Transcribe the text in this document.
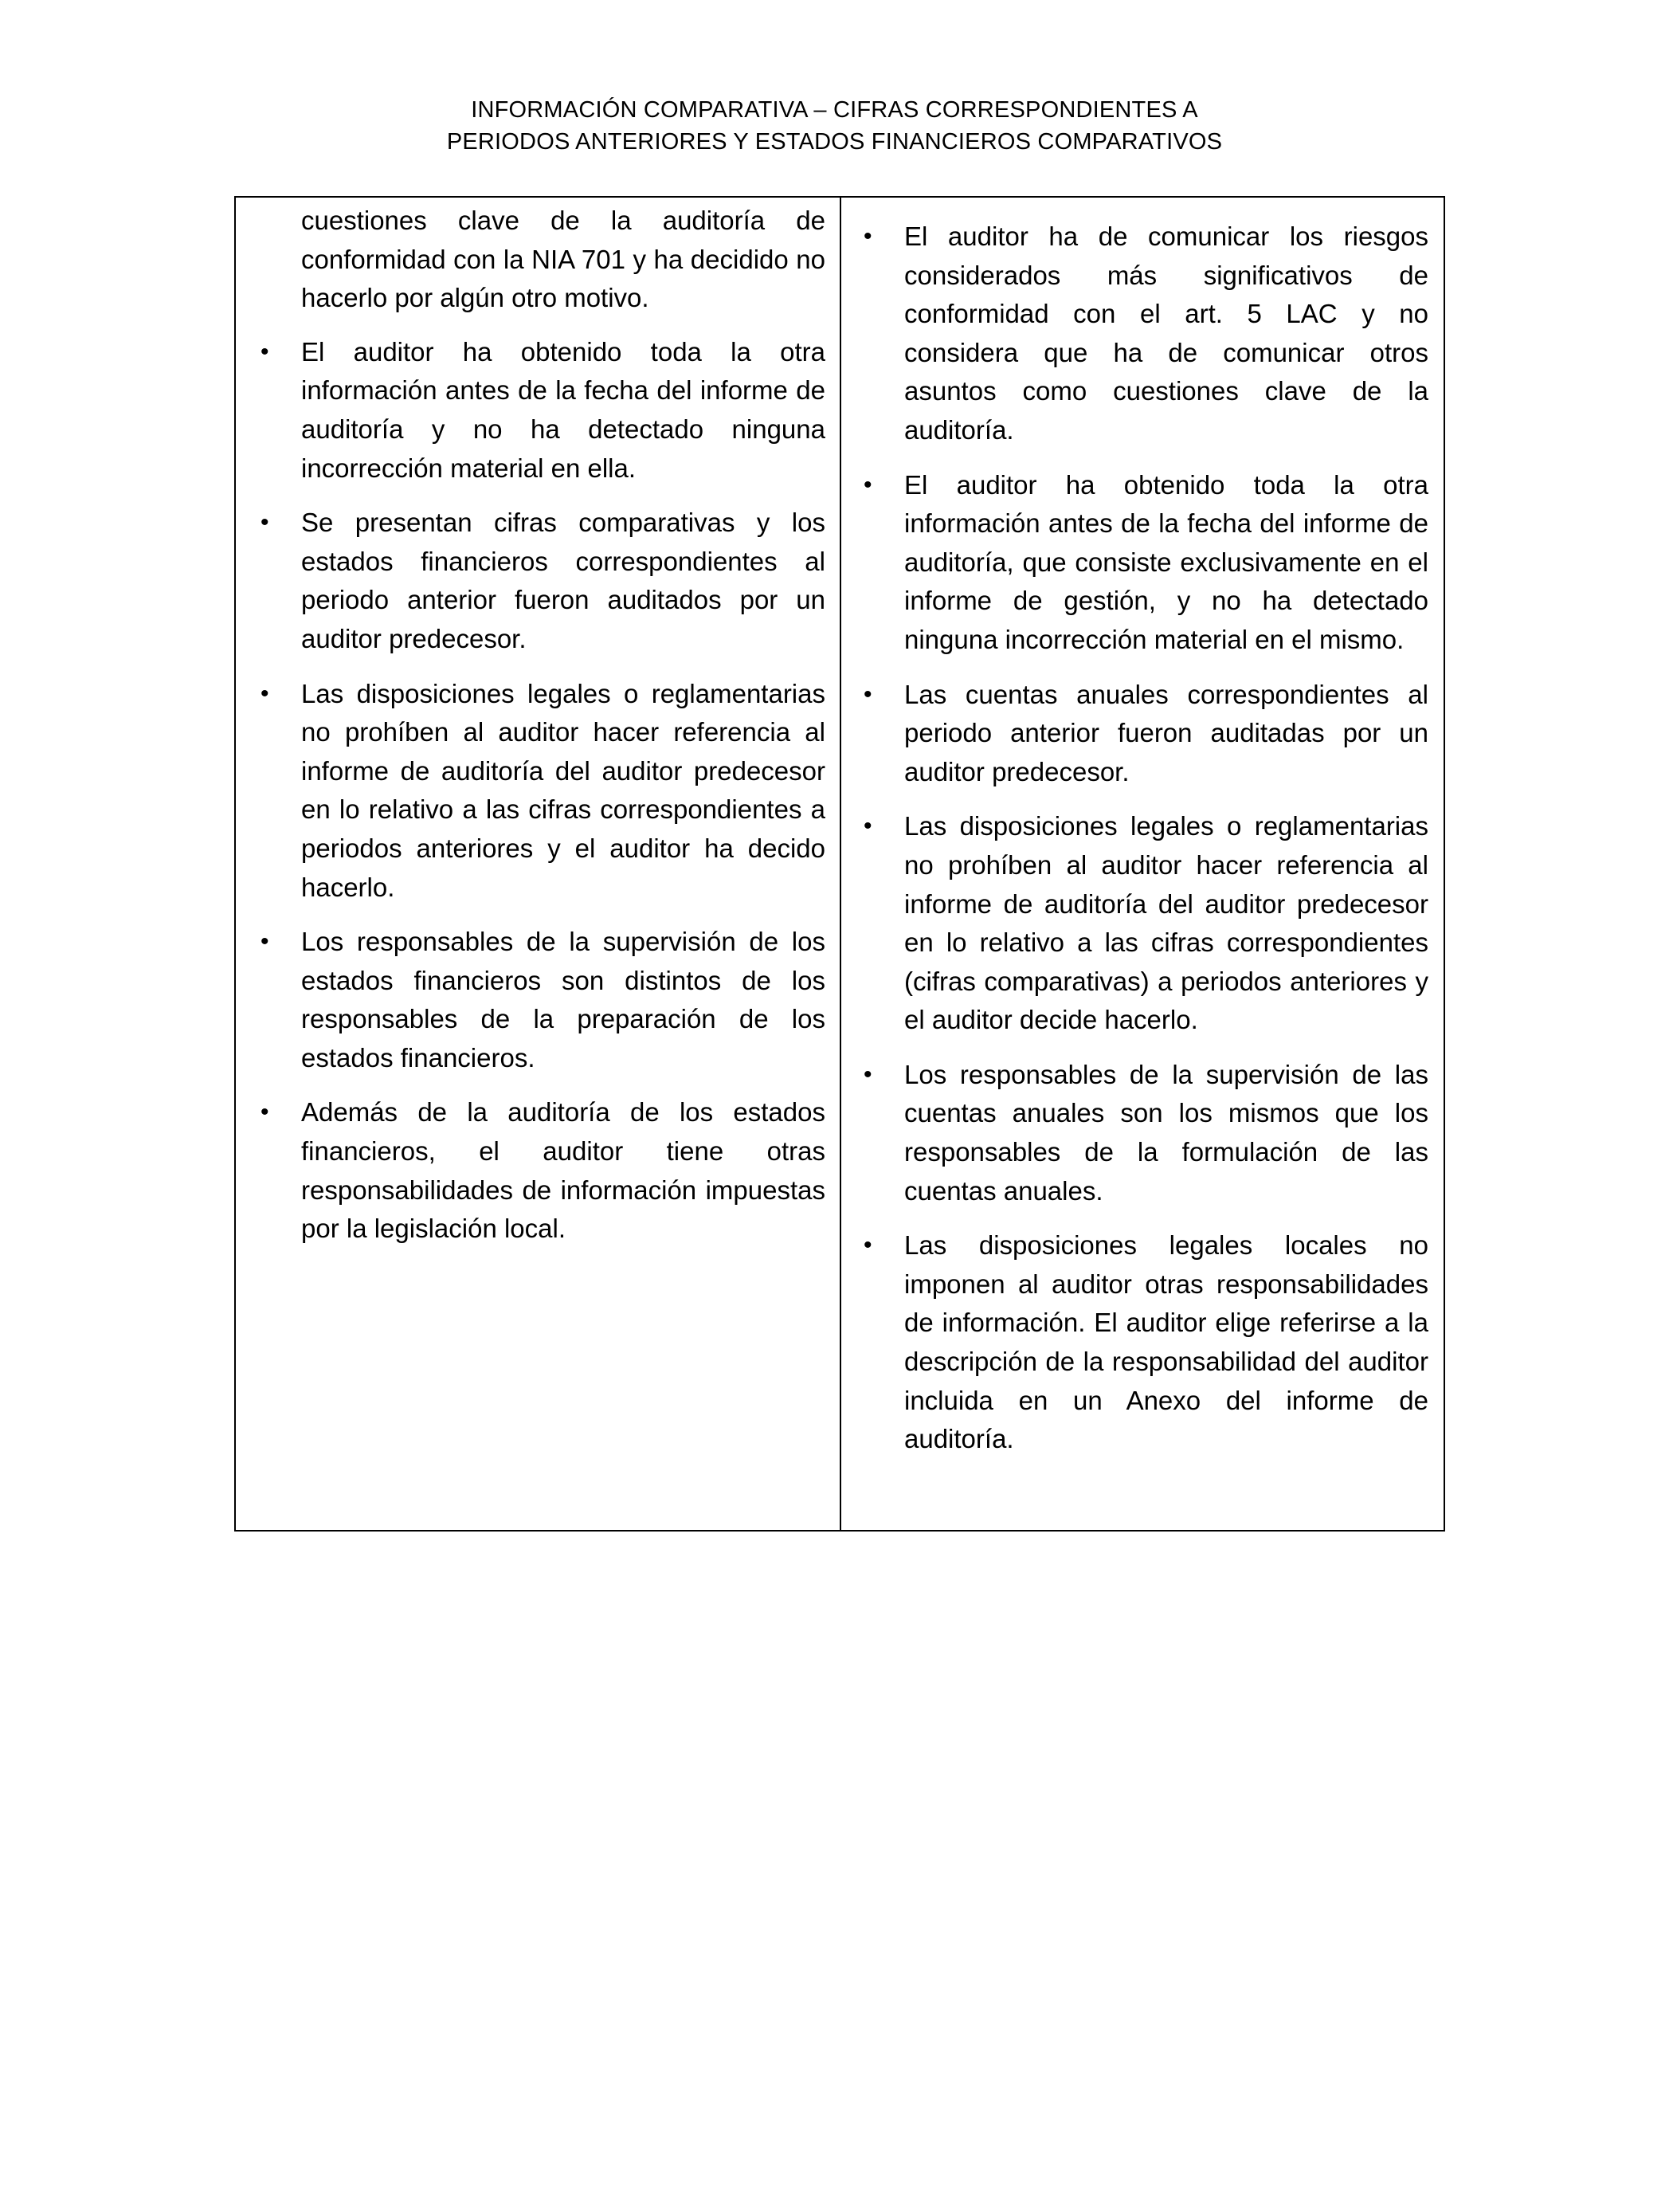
INFORMACIÓN COMPARATIVA – CIFRAS CORRESPONDIENTES A
PERIODOS ANTERIORES Y ESTADOS FINANCIEROS COMPARATIVOS

cuestiones clave de la auditoría de conformidad con la NIA 701 y ha decidido no hacerlo por algún otro motivo.

• El auditor ha obtenido toda la otra información antes de la fecha del informe de auditoría y no ha detectado ninguna incorrección material en ella.
• Se presentan cifras comparativas y los estados financieros correspondientes al periodo anterior fueron auditados por un auditor predecesor.
• Las disposiciones legales o reglamentarias no prohíben al auditor hacer referencia al informe de auditoría del auditor predecesor en lo relativo a las cifras correspondientes a periodos anteriores y el auditor ha decido hacerlo.
• Los responsables de la supervisión de los estados financieros son distintos de los responsables de la preparación de los estados financieros.
• Además de la auditoría de los estados financieros, el auditor tiene otras responsabilidades de información impuestas por la legislación local.
• El auditor ha de comunicar los riesgos considerados más significativos de conformidad con el art. 5 LAC y no considera que ha de comunicar otros asuntos como cuestiones clave de la auditoría.
• El auditor ha obtenido toda la otra información antes de la fecha del informe de auditoría, que consiste exclusivamente en el informe de gestión, y no ha detectado ninguna incorrección material en el mismo.
• Las cuentas anuales correspondientes al periodo anterior fueron auditadas por un auditor predecesor.
• Las disposiciones legales o reglamentarias no prohíben al auditor hacer referencia al informe de auditoría del auditor predecesor en lo relativo a las cifras correspondientes (cifras comparativas) a periodos anteriores y el auditor decide hacerlo.
• Los responsables de la supervisión de las cuentas anuales son los mismos que los responsables de la formulación de las cuentas anuales.
• Las disposiciones legales locales no imponen al auditor otras responsabilidades de información. El auditor elige referirse a la descripción de la responsabilidad del auditor incluida en un Anexo del informe de auditoría.
